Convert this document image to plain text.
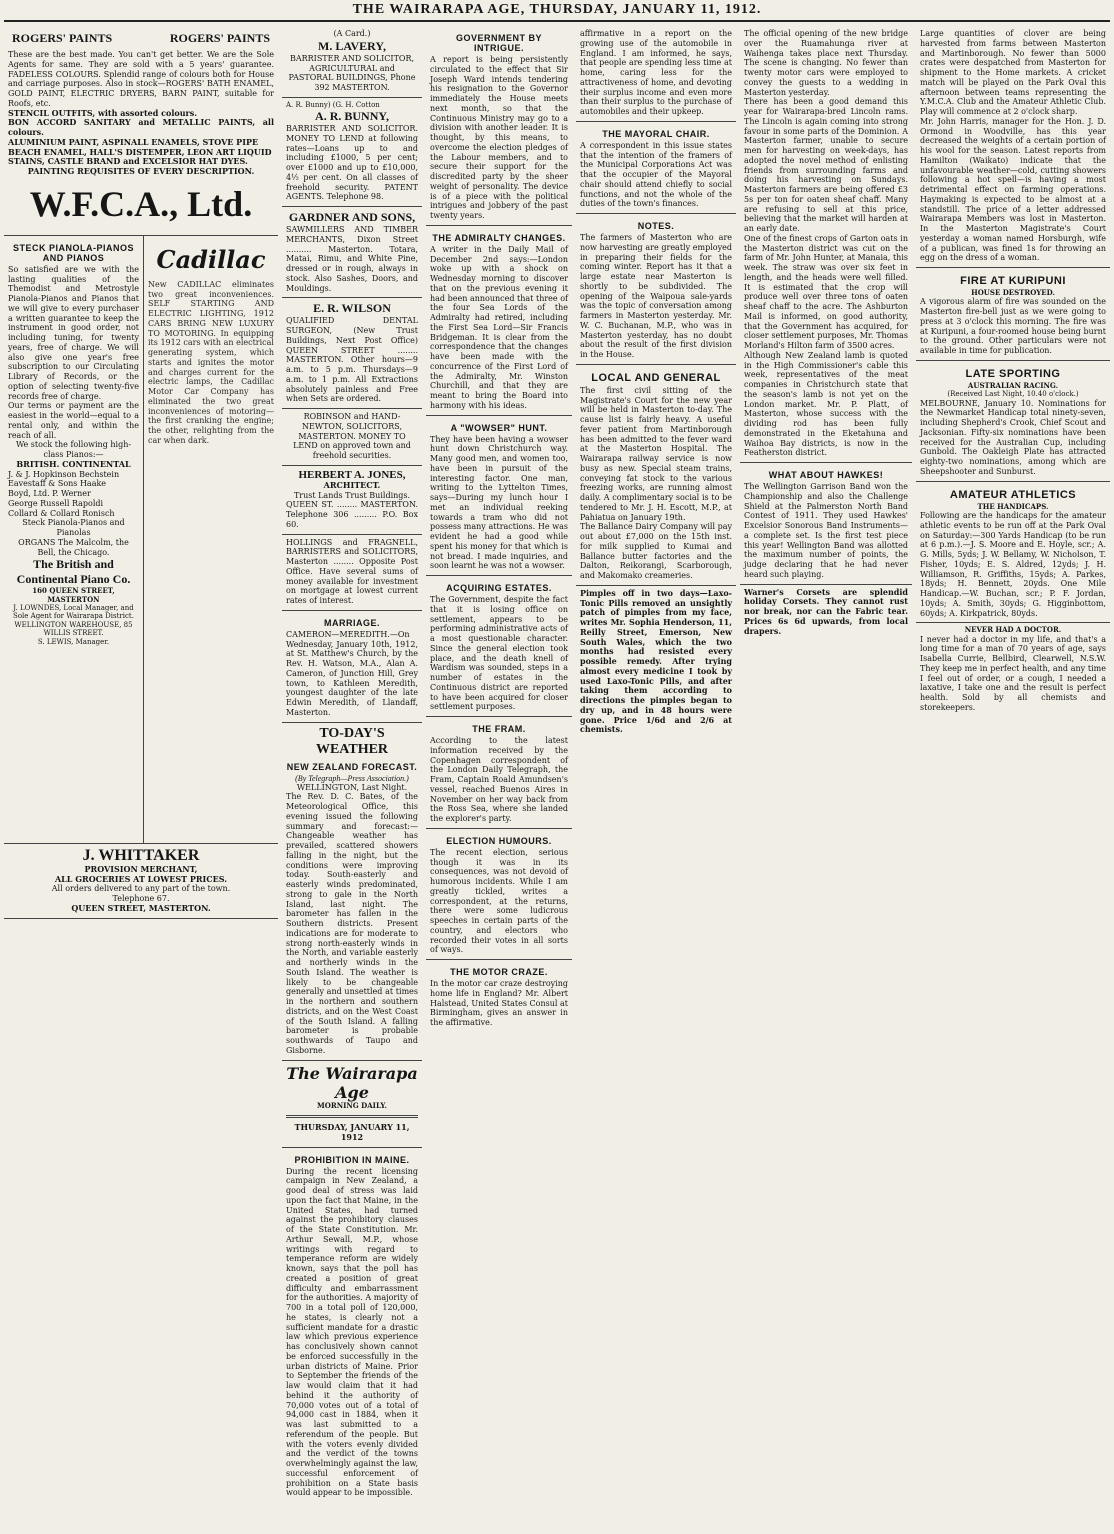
THE WAIRARAPA AGE, THURSDAY, JANUARY 11, 1912.
ROGERS' PAINTS	ROGERS' PAINTS

These are the best made. You can't get better. We are the Sole Agents for same. They are sold with a 5 years' guarantee. FADELESS COLOURS. Splendid range of colours both for House and carriage purposes. Also in stock—ROGERS' BATH ENAMEL, GOLD PAINT, ELECTRIC DRYERS, BARN PAINT, suitable for Roofs, etc.

STENCIL OUTFITS, with assorted colours.

BON ACCORD SANITARY and METALLIC PAINTS, all colours.

ALUMINIUM PAINT, ASPINALL ENAMELS, STOVE PIPE

BEACH ENAMEL, HALL'S DISTEMPER, LEON ART LIQUID

STAINS, CASTLE BRAND and EXCELSIOR HAT DYES.

PAINTING REQUISITES OF EVERY DESCRIPTION.

W.F.C.A., Ltd.
STECK PIANOLA-PIANOS AND PIANOS

So satisfied are we with the lasting qualities of the Themodist and Metrostyle Pianola-Pianos and Pianos that we will give to every purchaser a written guarantee to keep the instrument in good order, not including tuning, for twenty years, free of charge. We will also give one year's free subscription to our Circulating Library of Records, or the option of selecting twenty-five records free of charge.

Our terms or payment are the easiest in the world—equal to a rental only, and within the reach of all.

We stock the following high-class Pianos:—

BRITISH. CONTINENTAL

J. & J. Hopkinson Bechstein

Eavestaff & Sons Haake

Boyd, Ltd. P. Werner

George Russell Rapoldi

Collard & Collard Ronisch

Steck Pianola-Pianos and Pianolas

ORGANS The Malcolm, the Bell, the Chicago.

The British and Continental Piano Co.

160 QUEEN STREET, MASTERTON

J. LOWNDES, Local Manager, and Sole Agent for Wairarapa District.

WELLINGTON WAREHOUSE, 85 WILLIS STREET.

S. LEWIS, Manager.

Cadillac
New CADILLAC eliminates two great inconveniences. SELF STARTING AND ELECTRIC LIGHTING, 1912 CARS BRING NEW LUXURY TO MOTORING. In equipping its 1912 cars with an electrical generating system, which starts and ignites the motor and charges current for the electric lamps, the Cadillac Motor Car Company has eliminated the two great inconveniences of motoring—the first cranking the engine; the other, relighting from the car when dark.
J. WHITTAKER

PROVISION MERCHANT,

ALL GROCERIES AT LOWEST PRICES.

All orders delivered to any part of the town.

Telephone 67.

QUEEN STREET, MASTERTON.

(A Card.)

M. LAVERY,

BARRISTER AND SOLICITOR, AGRICULTURAL and PASTORAL BUILDINGS, Phone 392 MASTERTON.

A. R. Bunny) (G. H. Cotton

A. R. BUNNY,

BARRISTER AND SOLICITOR. MONEY TO LEND at following rates—Loans up to and including £1000, 5 per cent; over £1000 and up to £10,000, 4½ per cent. On all classes of freehold security. PATENT AGENTS. Telephone 98.

GARDNER AND SONS,

SAWMILLERS AND TIMBER MERCHANTS, Dixon Street .......... Masterton. Totara, Matai, Rimu, and White Pine, dressed or in rough, always in stock. Also Sashes, Doors, and Mouldings.

E. R. WILSON

QUALIFIED DENTAL SURGEON, (New Trust Buildings, Next Post Office) QUEEN STREET ........ MASTERTON. Other hours—9 a.m. to 5 p.m. Thursdays—9 a.m. to 1 p.m. All Extractions absolutely painless and Free when Sets are ordered.

ROBINSON and HAND-NEWTON, SOLICITORS, MASTERTON. MONEY TO LEND on approved town and freehold securities.

HERBERT A. JONES,

ARCHITECT.

Trust Lands Trust Buildings.

QUEEN ST. ........ MASTERTON. Telephone 306 ......... P.O. Box 60.

HOLLINGS and FRAGNELL, BARRISTERS and SOLICITORS, Masterton ........ Opposite Post Office. Have several sums of money available for investment on mortgage at lowest current rates of interest.

MARRIAGE.

CAMERON—MEREDITH.—On Wednesday, January 10th, 1912, at St. Matthew's Church, by the Rev. H. Watson, M.A., Alan A. Cameron, of Junction Hill, Grey town, to Kathleen Meredith, youngest daughter of the late Edwin Meredith, of Llandaff, Masterton.

TO-DAY'S WEATHER
NEW ZEALAND FORECAST.

(By Telegraph—Press Association.)

WELLINGTON, Last Night.

The Rev. D. C. Bates, of the Meteorological Office, this evening issued the following summary and forecast:— Changeable weather has prevailed, scattered showers falling in the night, but the conditions were improving today. South-easterly and easterly winds predominated, strong to gale in the North Island, last night. The barometer has fallen in the Southern districts. Present indications are for moderate to strong north-easterly winds in the North, and variable easterly and northerly winds in the South Island. The weather is likely to be changeable generally and unsettled at times in the northern and southern districts, and on the West Coast of the South Island. A falling barometer is probable southwards of Taupo and Gisborne.

The Wairarapa Age

MORNING DAILY.

THURSDAY, JANUARY 11, 1912

PROHIBITION IN MAINE.

During the recent licensing campaign in New Zealand, a good deal of stress was laid upon the fact that Maine, in the United States, had turned against the prohibitory clauses of the State Constitution. Mr. Arthur Sewall, M.P., whose writings with regard to temperance reform are widely known, says that the poll has created a position of great difficulty and embarrassment for the authorities. A majority of 700 in a total poll of 120,000, he states, is clearly not a sufficient mandate for a drastic law which previous experience has conclusively shown cannot be enforced successfully in the urban districts of Maine. Prior to September the friends of the law would claim that it had behind it the authority of 70,000 votes out of a total of 94,000 cast in 1884, when it was last submitted to a referendum of the people. But with the voters evenly divided and the verdict of the towns overwhelmingly against the law, successful enforcement of prohibition on a State basis would appear to be impossible.

GOVERNMENT BY INTRIGUE.

A report is being persistently circulated to the effect that Sir Joseph Ward intends tendering his resignation to the Governor immediately the House meets next month, so that the Continuous Ministry may go to a division with another leader. It is thought, by this means, to overcome the election pledges of the Labour members, and to secure their support for the discredited party by the sheer weight of personality. The device is of a piece with the political intrigues and jobbery of the past twenty years.

THE ADMIRALTY CHANGES.

A writer in the Daily Mail of December 2nd says:—London woke up with a shock on Wednesday morning to discover that on the previous evening it had been announced that three of the four Sea Lords of the Admiralty had retired, including the First Sea Lord—Sir Francis Bridgeman. It is clear from the correspondence that the changes have been made with the concurrence of the First Lord of the Admiralty, Mr. Winston Churchill, and that they are meant to bring the Board into harmony with his ideas.

A "WOWSER" HUNT.

They have been having a wowser hunt down Christchurch way. Many good men, and women too, have been in pursuit of the interesting factor. One man, writing to the Lyttelton Times, says—During my lunch hour I met an individual reeking towards a tram who did not possess many attractions. He was evident he had a good while spent his money for that which is not bread. I made inquiries, and soon learnt he was not a wowser.

ACQUIRING ESTATES.

The Government, despite the fact that it is losing office on settlement, appears to be performing administrative acts of a most questionable character. Since the general election took place, and the death knell of Wardism was sounded, steps in a number of estates in the Continuous district are reported to have been acquired for closer settlement purposes.

THE FRAM.

According to the latest information received by the Copenhagen correspondent of the London Daily Telegraph, the Fram, Captain Roald Amundsen's vessel, reached Buenos Aires in November on her way back from the Ross Sea, where she landed the explorer's party.

ELECTION HUMOURS.

The recent election, serious though it was in its consequences, was not devoid of humorous incidents. While I am greatly tickled, writes a correspondent, at the returns, there were some ludicrous speeches in certain parts of the country, and electors who recorded their votes in all sorts of ways.

THE MOTOR CRAZE.

In the motor car craze destroying home life in England? Mr. Albert Halstead, United States Consul at Birmingham, gives an answer in the affirmative.

affirmative in a report on the growing use of the automobile in England. I am informed, he says, that people are spending less time at home, caring less for the attractiveness of home, and devoting their surplus income and even more than their surplus to the purchase of automobiles and their upkeep.

THE MAYORAL CHAIR.

A correspondent in this issue states that the intention of the framers of the Municipal Corporations Act was that the occupier of the Mayoral chair should attend chiefly to social functions, and not the whole of the duties of the town's finances.

NOTES.

The farmers of Masterton who are now harvesting are greatly employed in preparing their fields for the coming winter. Report has it that a large estate near Masterton is shortly to be subdivided. The opening of the Waipoua sale-yards was the topic of conversation among farmers in Masterton yesterday. Mr. W. C. Buchanan, M.P., who was in Masterton yesterday, has no doubt about the result of the first division in the House.

LOCAL AND GENERAL

The first civil sitting of the Magistrate's Court for the new year will be held in Masterton to-day. The cause list is fairly heavy. A useful fever patient from Martinborough has been admitted to the fever ward at the Masterton Hospital. The Wairarapa railway service is now busy as new. Special steam trains, conveying fat stock to the various freezing works, are running almost daily. A complimentary social is to be tendered to Mr. J. H. Escott, M.P., at Pahiatua on January 19th.

The Ballance Dairy Company will pay out about £7,000 on the 15th inst. for milk supplied to Kumai and Ballance butter factories and the Dalton, Reikorangi, Scarborough, and Makomako creameries.

Pimples off in two days—Laxo-Tonic Pills removed an unsightly patch of pimples from my face, writes Mr. Sophia Henderson, 11, Reilly Street, Emerson, New South Wales, which the two months had resisted every possible remedy. After trying almost every medicine I took by used Laxo-Tonic Pills, and after taking them according to directions the pimples began to dry up, and in 48 hours were gone. Price 1/6d and 2/6 at chemists.

The official opening of the new bridge over the Ruamahunga river at Waihenga takes place next Thursday. The scene is changing. No fewer than twenty motor cars were employed to convey the guests to a wedding in Masterton yesterday.

There has been a good demand this year for Wairarapa-bred Lincoln rams. The Lincoln is again coming into strong favour in some parts of the Dominion. A Masterton farmer, unable to secure men for harvesting on week-days, has adopted the novel method of enlisting friends from surrounding farms and doing his harvesting on Sundays. Masterton farmers are being offered £3 5s per ton for oaten sheaf chaff. Many are refusing to sell at this price, believing that the market will harden at an early date.

One of the finest crops of Garton oats in the Masterton district was cut on the farm of Mr. John Hunter, at Manaia, this week. The straw was over six feet in length, and the heads were well filled. It is estimated that the crop will produce well over three tons of oaten sheaf chaff to the acre. The Ashburton Mail is informed, on good authority, that the Government has acquired, for closer settlement purposes, Mr. Thomas Morland's Hilton farm of 3500 acres.

Although New Zealand lamb is quoted in the High Commissioner's cable this week, representatives of the meat companies in Christchurch state that the season's lamb is not yet on the London market. Mr. P. Platt, of Masterton, whose success with the dividing rod has been fully demonstrated in the Eketahuna and Waihoa Bay districts, is now in the Featherston district.

WHAT ABOUT HAWKES!

The Wellington Garrison Band won the Championship and also the Challenge Shield at the Palmerston North Band Contest of 1911. They used Hawkes' Excelsior Sonorous Band Instruments—a complete set. Is the first test piece this year! Wellington Band was allotted the maximum number of points, the judge declaring that he had never heard such playing.

Warner's Corsets are splendid holiday Corsets. They cannot rust nor break, nor can the Fabric tear. Prices 6s 6d upwards, from local drapers.

Large quantities of clover are being harvested from farms between Masterton and Martinborough. No fewer than 5000 crates were despatched from Masterton for shipment to the Home markets. A cricket match will be played on the Park Oval this afternoon between teams representing the Y.M.C.A. Club and the Amateur Athletic Club. Play will commence at 2 o'clock sharp.

Mr. John Harris, manager for the Hon. J. D. Ormond in Woodville, has this year decreased the weights of a certain portion of his wool for the season. Latest reports from Hamilton (Waikato) indicate that the unfavourable weather—cold, cutting showers following a hot spell—is having a most detrimental effect on farming operations. Haymaking is expected to be almost at a standstill. The price of a letter addressed Wairarapa Members was lost in Masterton. In the Masterton Magistrate's Court yesterday a woman named Horsburgh, wife of a publican, was fined 1s for throwing an egg on the dress of a woman.

FIRE AT KURIPUNI

HOUSE DESTROYED.

A vigorous alarm of fire was sounded on the Masterton fire-bell just as we were going to press at 3 o'clock this morning. The fire was at Kuripuni, a four-roomed house being burnt to the ground. Other particulars were not available in time for publication.

LATE SPORTING

AUSTRALIAN RACING.

(Received Last Night, 10.40 o'clock.)

MELBOURNE, January 10. Nominations for the Newmarket Handicap total ninety-seven, including Shepherd's Crook, Chief Scout and Jacksonian. Fifty-six nominations have been received for the Australian Cup, including Gunbold. The Oakleigh Plate has attracted eighty-two nominations, among which are Sheepshooter and Sunburst.

AMATEUR ATHLETICS

THE HANDICAPS.

Following are the handicaps for the amateur athletic events to be run off at the Park Oval on Saturday:—300 Yards Handicap (to be run at 6 p.m.).—J. S. Moore and E. Hoyle, scr.; A. G. Mills, 5yds; J. W. Bellamy, W. Nicholson, T. Fisher, 10yds; E. S. Aldred, 12yds; J. H. Williamson, R. Griffiths, 15yds; A. Parkes, 18yds; H. Bennett, 20yds. One Mile Handicap.—W. Buchan, scr.; P. F. Jordan, 10yds; A. Smith, 30yds; G. Higginbottom, 60yds; A. Kirkpatrick, 80yds.

NEVER HAD A DOCTOR.

I never had a doctor in my life, and that's a long time for a man of 70 years of age, says Isabella Currie, Bellbird, Clearwell, N.S.W. They keep me in perfect health, and any time I feel out of order, or a cough, I needed a laxative, I take one and the result is perfect health. Sold by all chemists and storekeepers.
